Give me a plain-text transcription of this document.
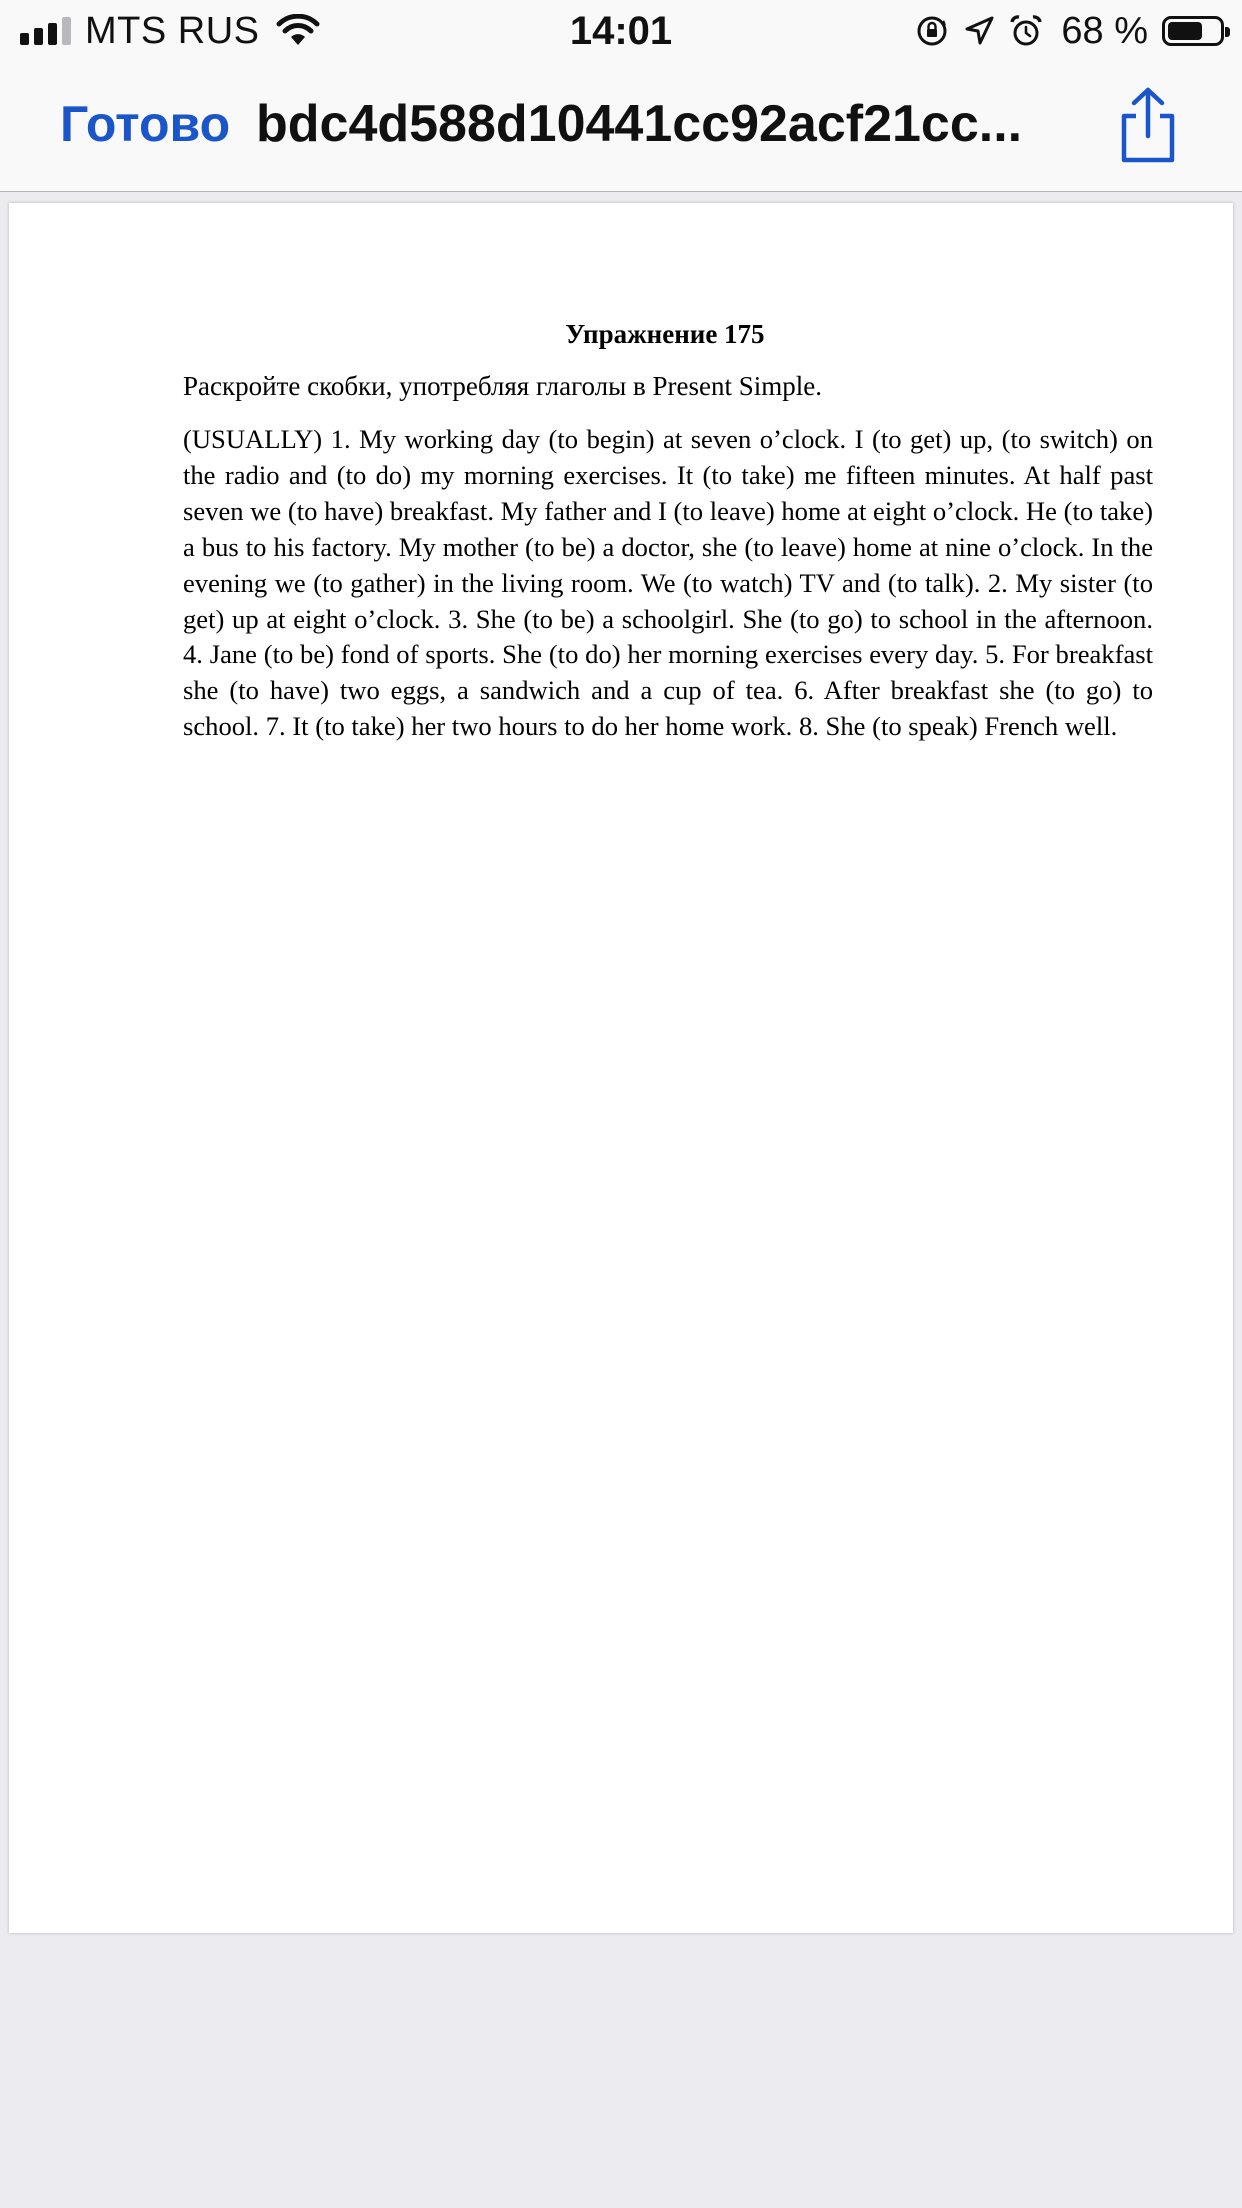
MTS RUS	14:01	68 %
Готово bdc4d588d10441cc92acf21cc...
Упражнение 175
Раскройте скобки, употребляя глаголы в Present Simple.

(USUALLY) 1. My working day (to begin) at seven o’clock. I (to get) up, (to switch) on the radio and (to do) my morning exercises. It (to take) me fifteen minutes. At half past seven we (to have) breakfast. My father and I (to leave) home at eight o’clock. He (to take) a bus to his factory. My mother (to be) a doctor, she (to leave) home at nine o’clock. In the evening we (to gather) in the living room. We (to watch) TV and (to talk). 2. My sister (to get) up at eight o’clock. 3. She (to be) a schoolgirl. She (to go) to school in the afternoon. 4. Jane (to be) fond of sports. She (to do) her morning exercises every day. 5. For breakfast she (to have) two eggs, a sandwich and a cup of tea. 6. After breakfast she (to go) to school. 7. It (to take) her two hours to do her home work. 8. She (to speak) French well.
